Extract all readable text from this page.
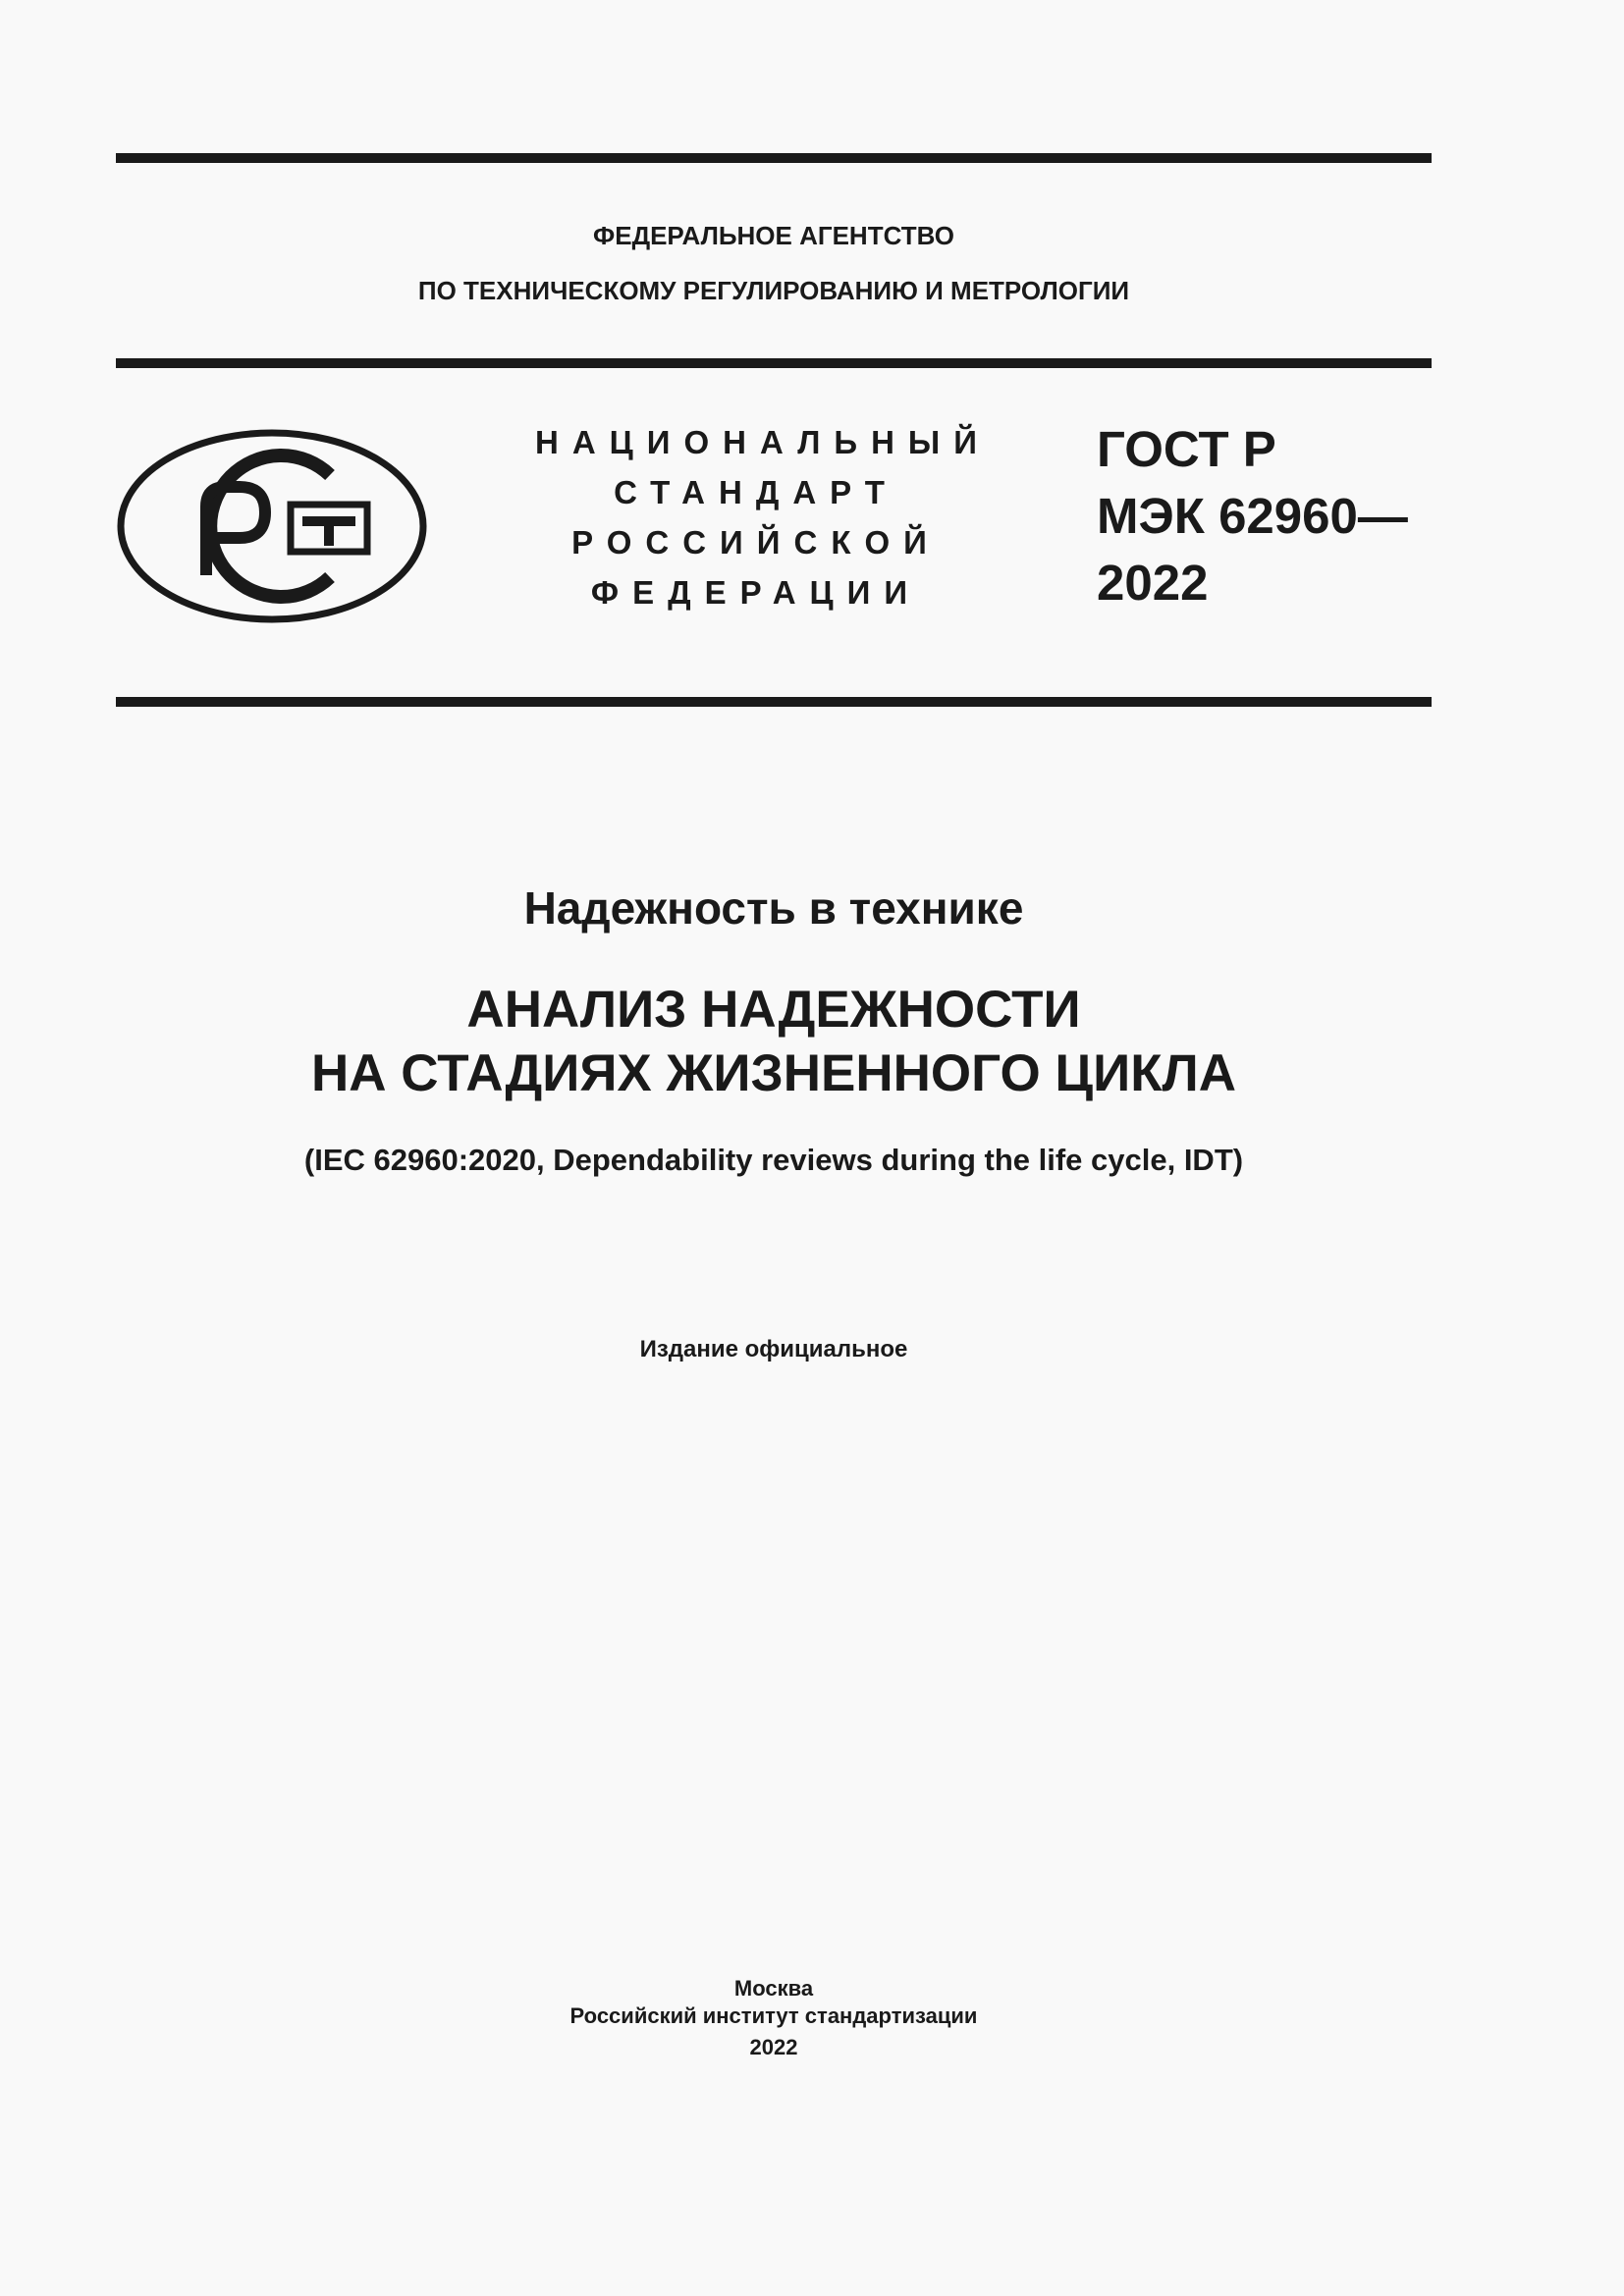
ФЕДЕРАЛЬНОЕ АГЕНТСТВО
ПО ТЕХНИЧЕСКОМУ РЕГУЛИРОВАНИЮ И МЕТРОЛОГИИ
НАЦИОНАЛЬНЫЙ
СТАНДАРТ
РОССИЙСКОЙ
ФЕДЕРАЦИИ
ГОСТ Р
МЭК 62960—
2022
Надежность в технике
АНАЛИЗ НАДЕЖНОСТИ
НА СТАДИЯХ ЖИЗНЕННОГО ЦИКЛА
(IEC 62960:2020, Dependability reviews during the life cycle, IDT)
Издание официальное
Москва
Российский институт стандартизации
2022
